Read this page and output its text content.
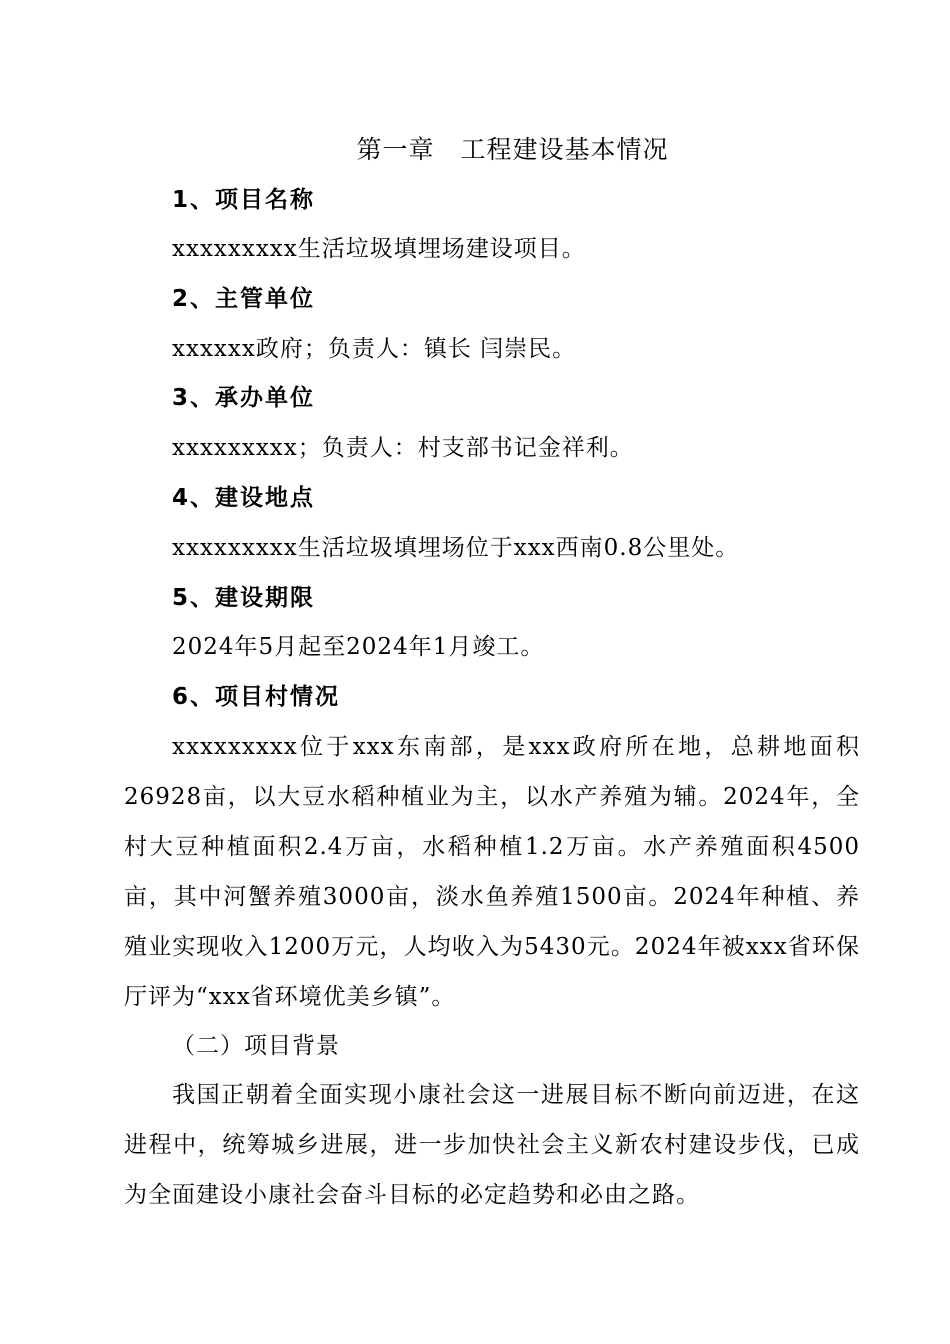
第一章　工程建设基本情况
1、项目名称
xxxxxxxxx生活垃圾填埋场建设项目。
2、主管单位
xxxxxx政府；负责人：镇长 闫崇民。
3、承办单位
xxxxxxxxx；负责人：村支部书记金祥利。
4、建设地点
xxxxxxxxx生活垃圾填埋场位于xxx西南0.8公里处。
5、建设期限
2024年5月起至2024年1月竣工。
6、项目村情况
xxxxxxxxx位于xxx东南部，是xxx政府所在地，总耕地面积26928亩，以大豆水稻种植业为主，以水产养殖为辅。2024年，全村大豆种植面积2.4万亩，水稻种植1.2万亩。水产养殖面积4500亩，其中河蟹养殖3000亩，淡水鱼养殖1500亩。2024年种植、养殖业实现收入1200万元，人均收入为5430元。2024年被xxx省环保厅评为“xxx省环境优美乡镇”。
（二）项目背景
我国正朝着全面实现小康社会这一进展目标不断向前迈进，在这进程中，统筹城乡进展，进一步加快社会主义新农村建设步伐，已成为全面建设小康社会奋斗目标的必定趋势和必由之路。
